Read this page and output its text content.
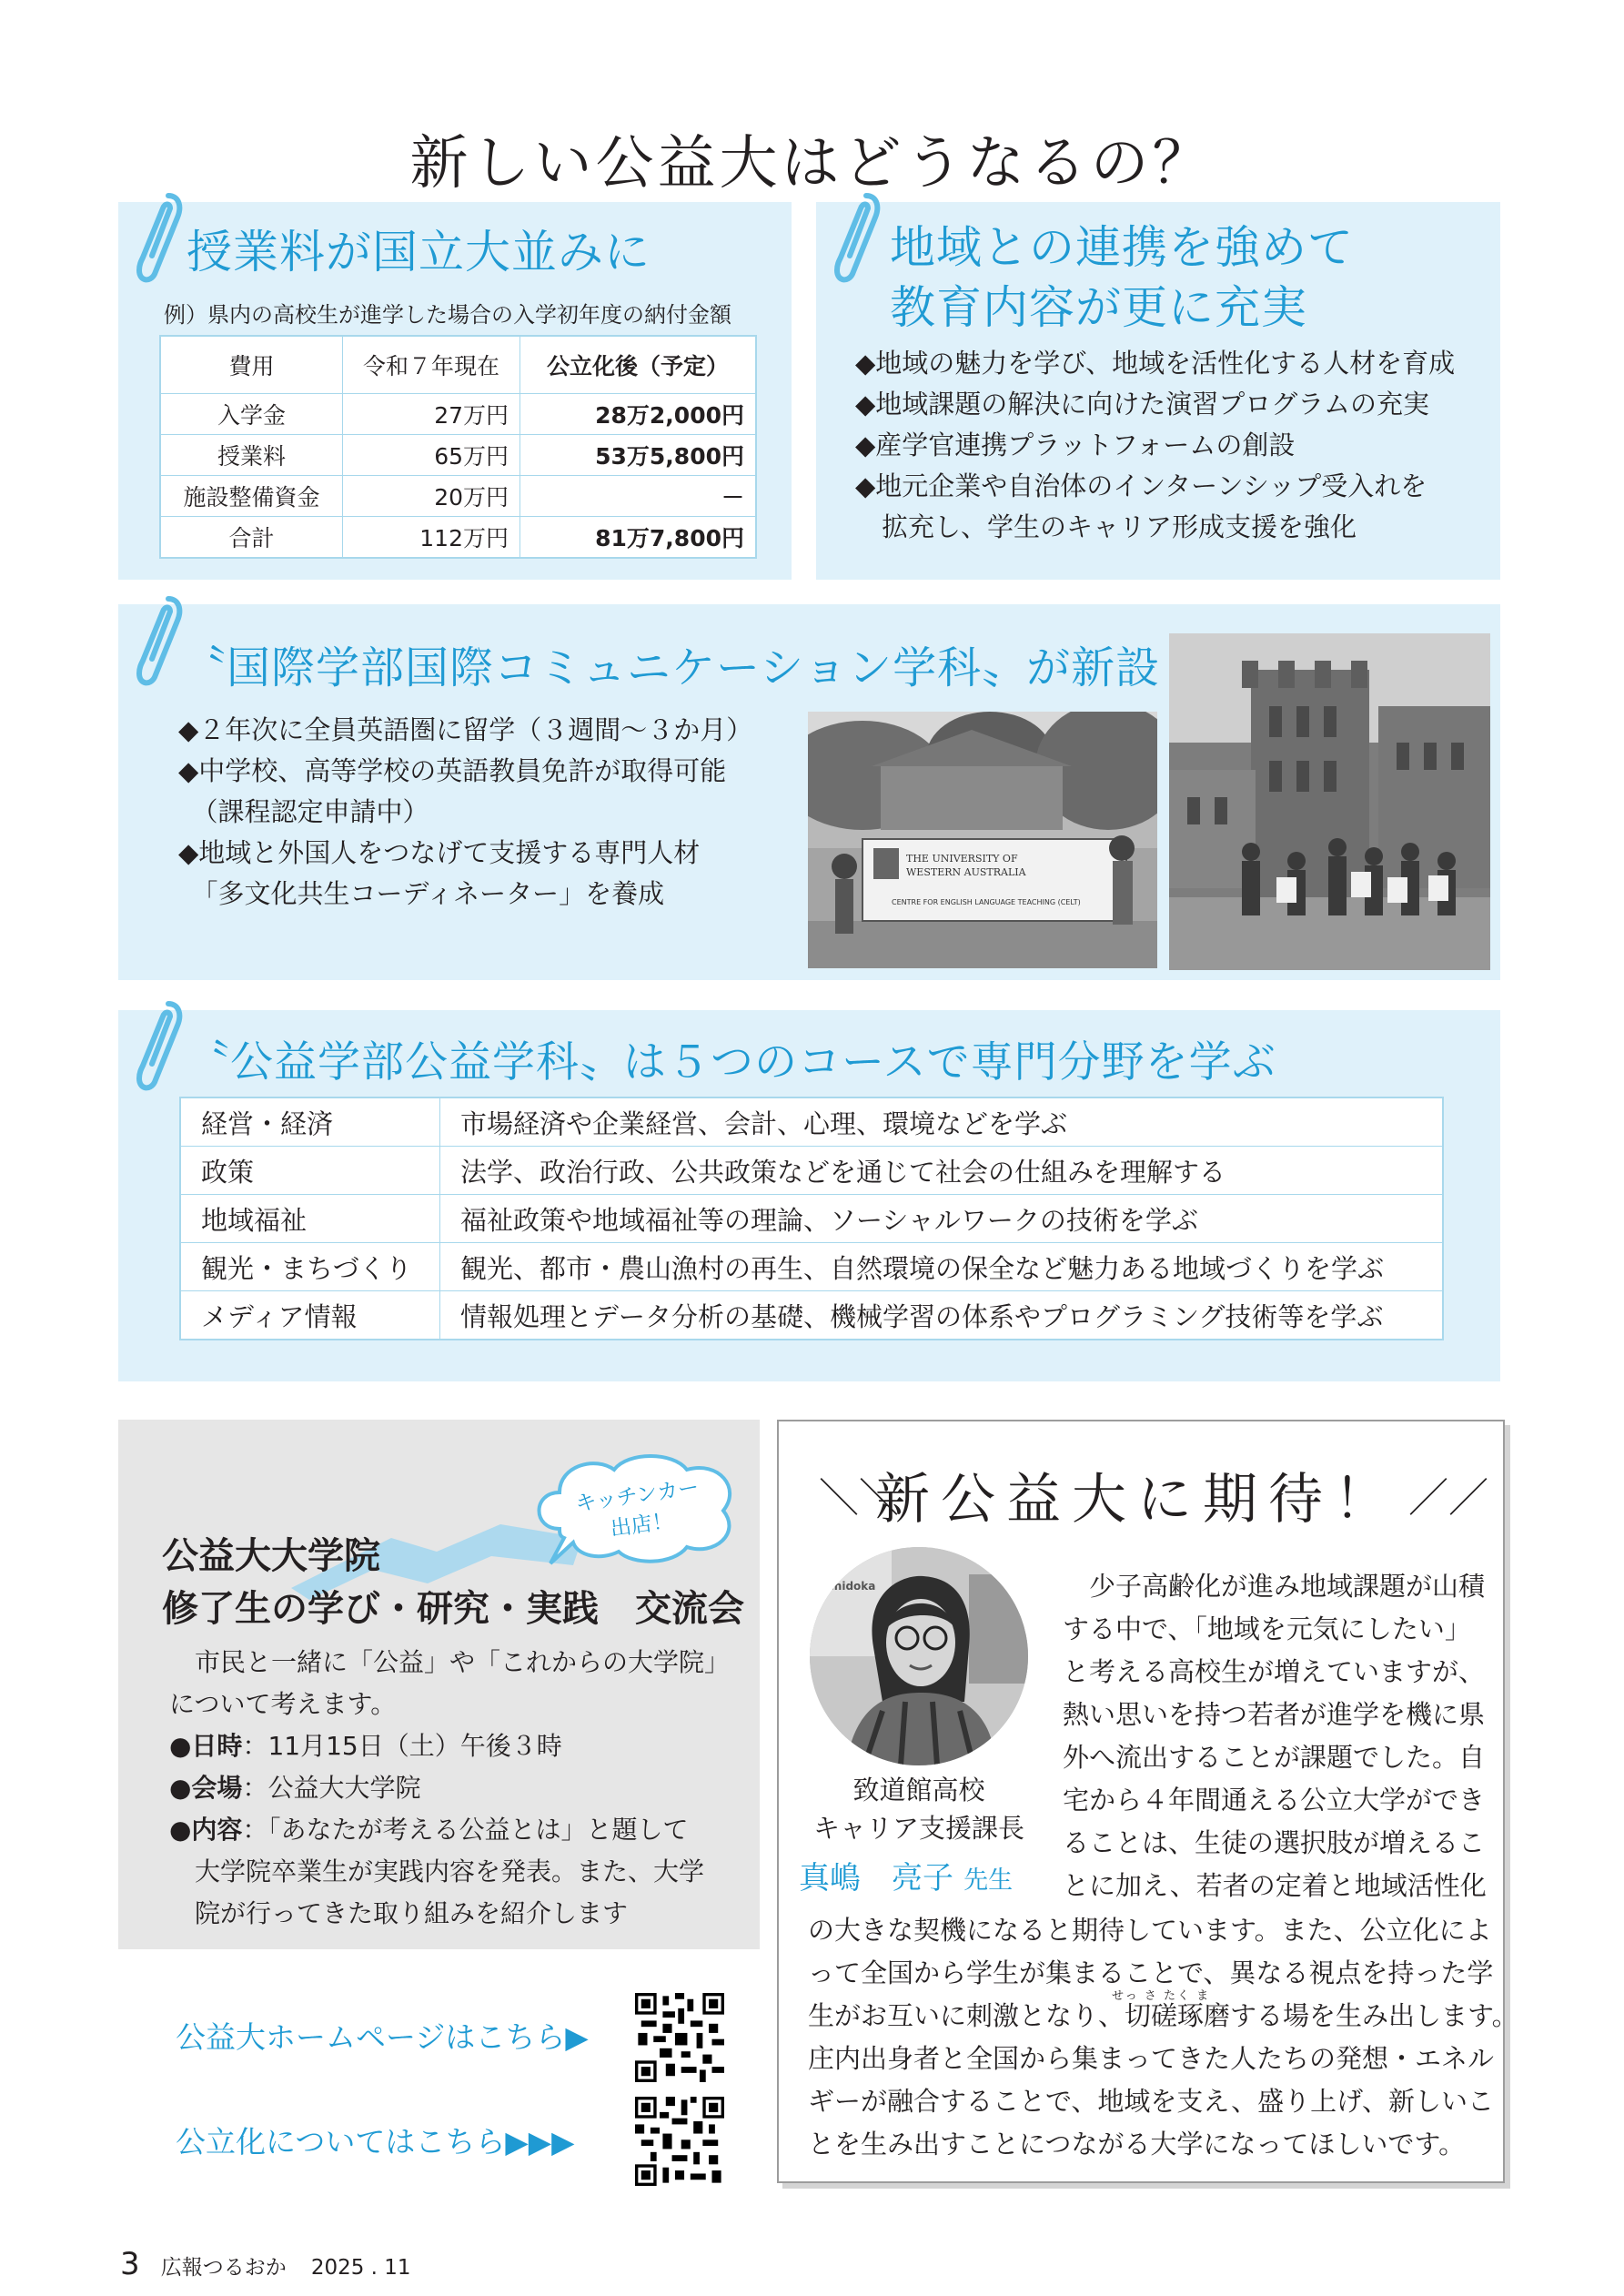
新しい公益大はどうなるの？
授業料が国立大並みに
例）県内の高校生が進学した場合の入学初年度の納付金額
費用	令和７年現在	公立化後（予定）
入学金	27万円	28万2,000円
授業料	65万円	53万5,800円
施設整備資金	20万円	－
合計	112万円	81万7,800円
地域との連携を強めて
教育内容が更に充実
◆地域の魅力を学び、地域を活性化する人材を育成
◆地域課題の解決に向けた演習プログラムの充実
◆産学官連携プラットフォームの創設
◆地元企業や自治体のインターンシップ受入れを
　拡充し、学生のキャリア形成支援を強化
〝国際学部国際コミュニケーション学科〟が新設
◆２年次に全員英語圏に留学（３週間～３か月）
◆中学校、高等学校の英語教員免許が取得可能
　（課程認定申請中）
◆地域と外国人をつなげて支援する専門人材
　「多文化共生コーディネーター」を養成
THE UNIVERSITY OF
WESTERN AUSTRALIA
CENTRE FOR ENGLISH LANGUAGE TEACHING (CELT)
〝公益学部公益学科〟は５つのコースで専門分野を学ぶ
経営・経済	市場経済や企業経営、会計、心理、環境などを学ぶ
政策	法学、政治行政、公共政策などを通じて社会の仕組みを理解する
地域福祉	福祉政策や地域福祉等の理論、ソーシャルワークの技術を学ぶ
観光・まちづくり	観光、都市・農山漁村の再生、自然環境の保全など魅力ある地域づくりを学ぶ
メディア情報	情報処理とデータ分析の基礎、機械学習の体系やプログラミング技術等を学ぶ
キッチンカー
出店！
公益大大学院
修了生の学び・研究・実践　交流会
　市民と一緒に「公益」や「これからの大学院」
について考えます。
●日時：11月15日（土）午後３時
●会場：公益大大学院
●内容：「あなたが考える公益とは」と題して
大学院卒業生が実践内容を発表。また、大学
院が行ってきた取り組みを紹介します
公益大ホームページはこちら▶
公立化についてはこちら▶▶▶
新公益大に期待！
＼＼	／／
Chidoka
致道館高校
キャリア支援課長
真嶋　亮子 先生
　少子高齢化が進み地域課題が山積
する中で、「地域を元気にしたい」
と考える高校生が増えていますが、
熱い思いを持つ若者が進学を機に県
外へ流出することが課題でした。自
宅から４年間通える公立大学ができ
ることは、生徒の選択肢が増えるこ
とに加え、若者の定着と地域活性化
せっ さ たく ま
の大きな契機になると期待しています。また、公立化によ
って全国から学生が集まることで、異なる視点を持った学
生がお互いに刺激となり、切磋琢磨する場を生み出します。
庄内出身者と全国から集まってきた人たちの発想・エネル
ギーが融合することで、地域を支え、盛り上げ、新しいこ
とを生み出すことにつながる大学になってほしいです。
3 広報つるおか 2025 . 11
